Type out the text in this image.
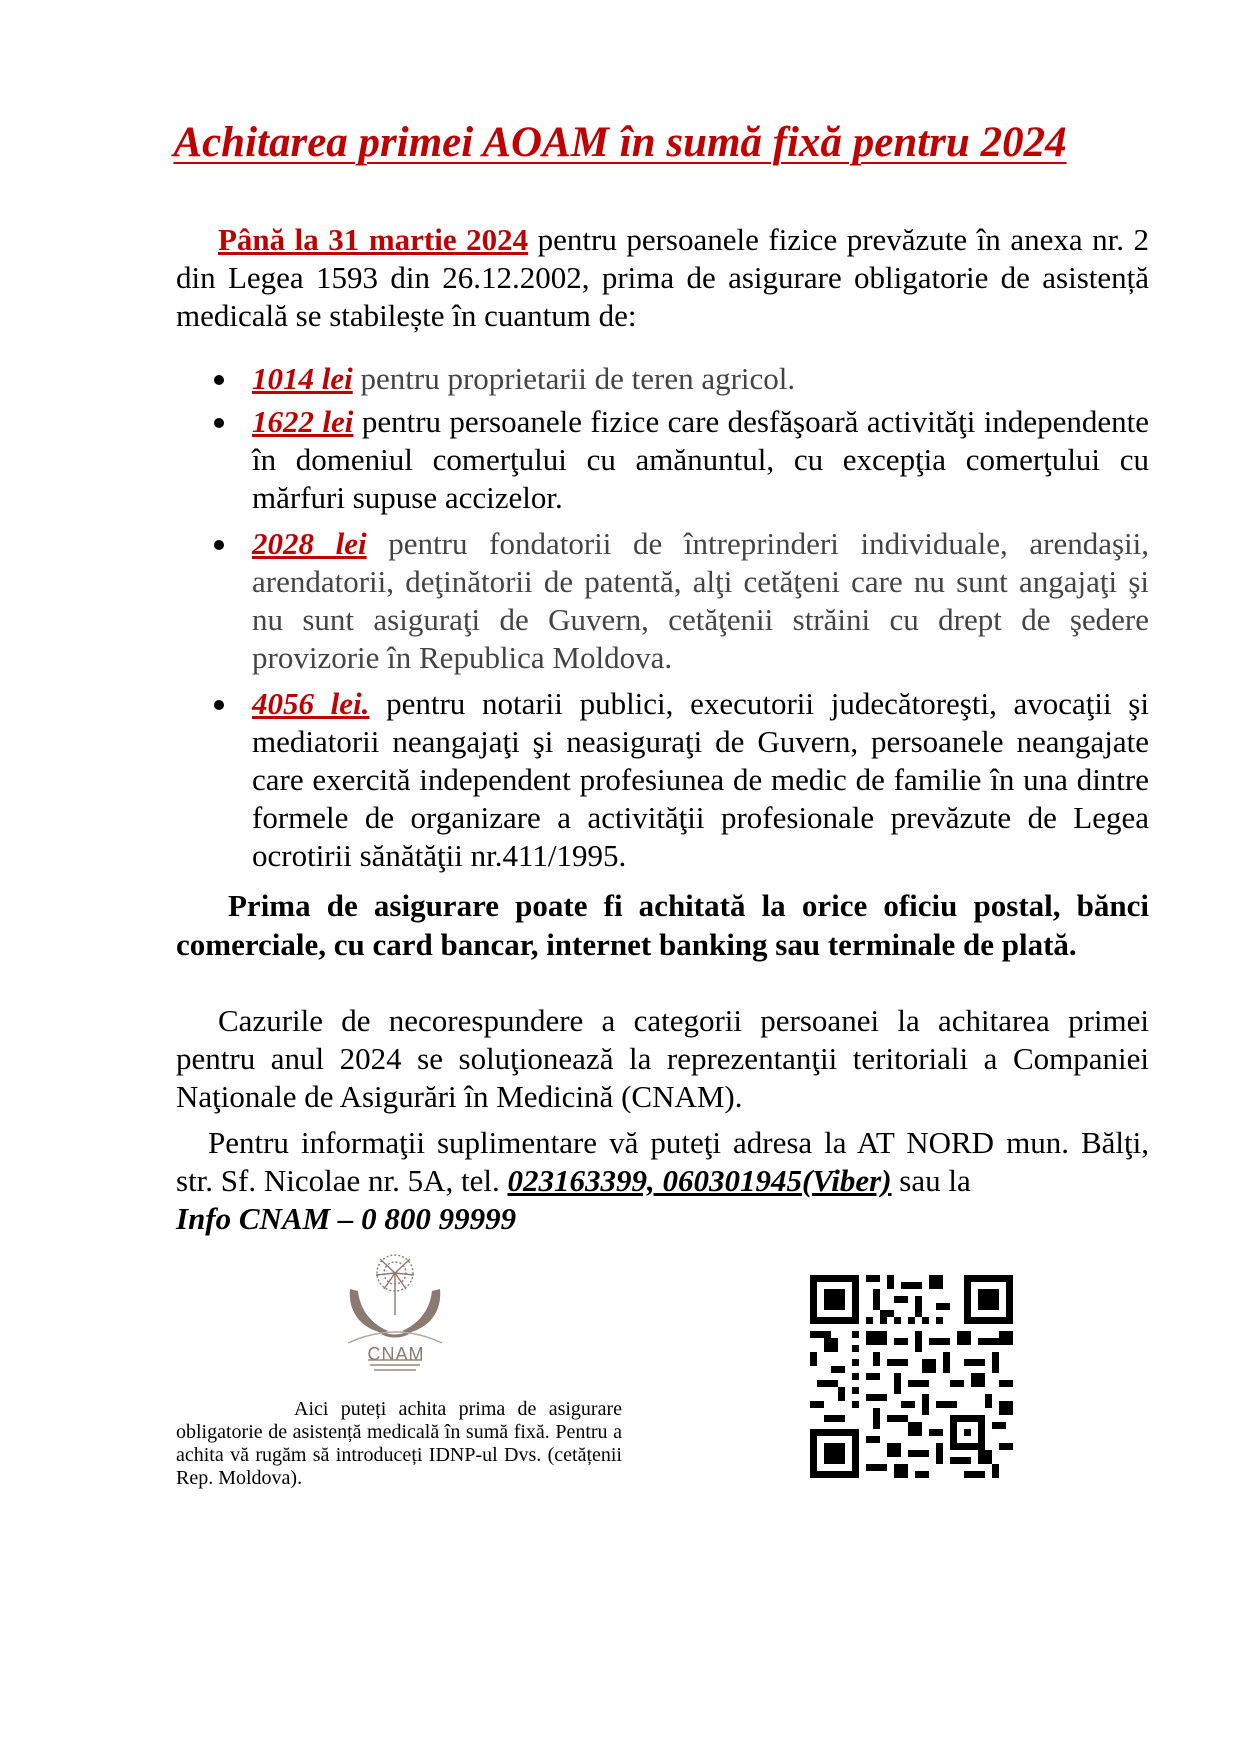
Achitarea primei AOAM în sumă fixă pentru 2024

Până la 31 martie 2024 pentru persoanele fizice prevăzute în anexa nr. 2 din Legea 1593 din 26.12.2002, prima de asigurare obligatorie de asistență medicală se stabilește în cuantum de:

1014 lei pentru proprietarii de teren agricol.
1622 lei pentru persoanele fizice care desfăşoară activităţi independente în domeniul comerţului cu amănuntul, cu excepţia comerţului cu mărfuri supuse accizelor.
2028 lei pentru fondatorii de întreprinderi individuale, arendaşii, arendatorii, deţinătorii de patentă, alţi cetăţeni care nu sunt angajaţi şi nu sunt asiguraţi de Guvern, cetăţenii străini cu drept de şedere provizorie în Republica Moldova.
4056 lei. pentru notarii publici, executorii judecătoreşti, avocaţii şi mediatorii neangajaţi şi neasiguraţi de Guvern, persoanele neangajate care exercită independent profesiunea de medic de familie în una dintre formele de organizare a activităţii profesionale prevăzute de Legea ocrotirii sănătăţii nr.411/1995.

Prima de asigurare poate fi achitată la orice oficiu postal, bănci comerciale, cu card bancar, internet banking sau terminale de plată.

Cazurile de necorespundere a categorii persoanei la achitarea primei pentru anul 2024 se soluţionează la reprezentanţii teritoriali a Companiei Naţionale de Asigurări în Medicină (CNAM).

Pentru informaţii suplimentare vă puteţi adresa la AT NORD mun. Bălţi, str. Sf. Nicolae nr. 5A, tel. 023163399, 060301945(Viber) sau la
Info CNAM – 0 800 99999

CNAM

Aici puteți achita prima de asigurare obligatorie de asistență medicală în sumă fixă. Pentru a achita vă rugăm să introduceți IDNP-ul Dvs. (cetățenii Rep. Moldova).
